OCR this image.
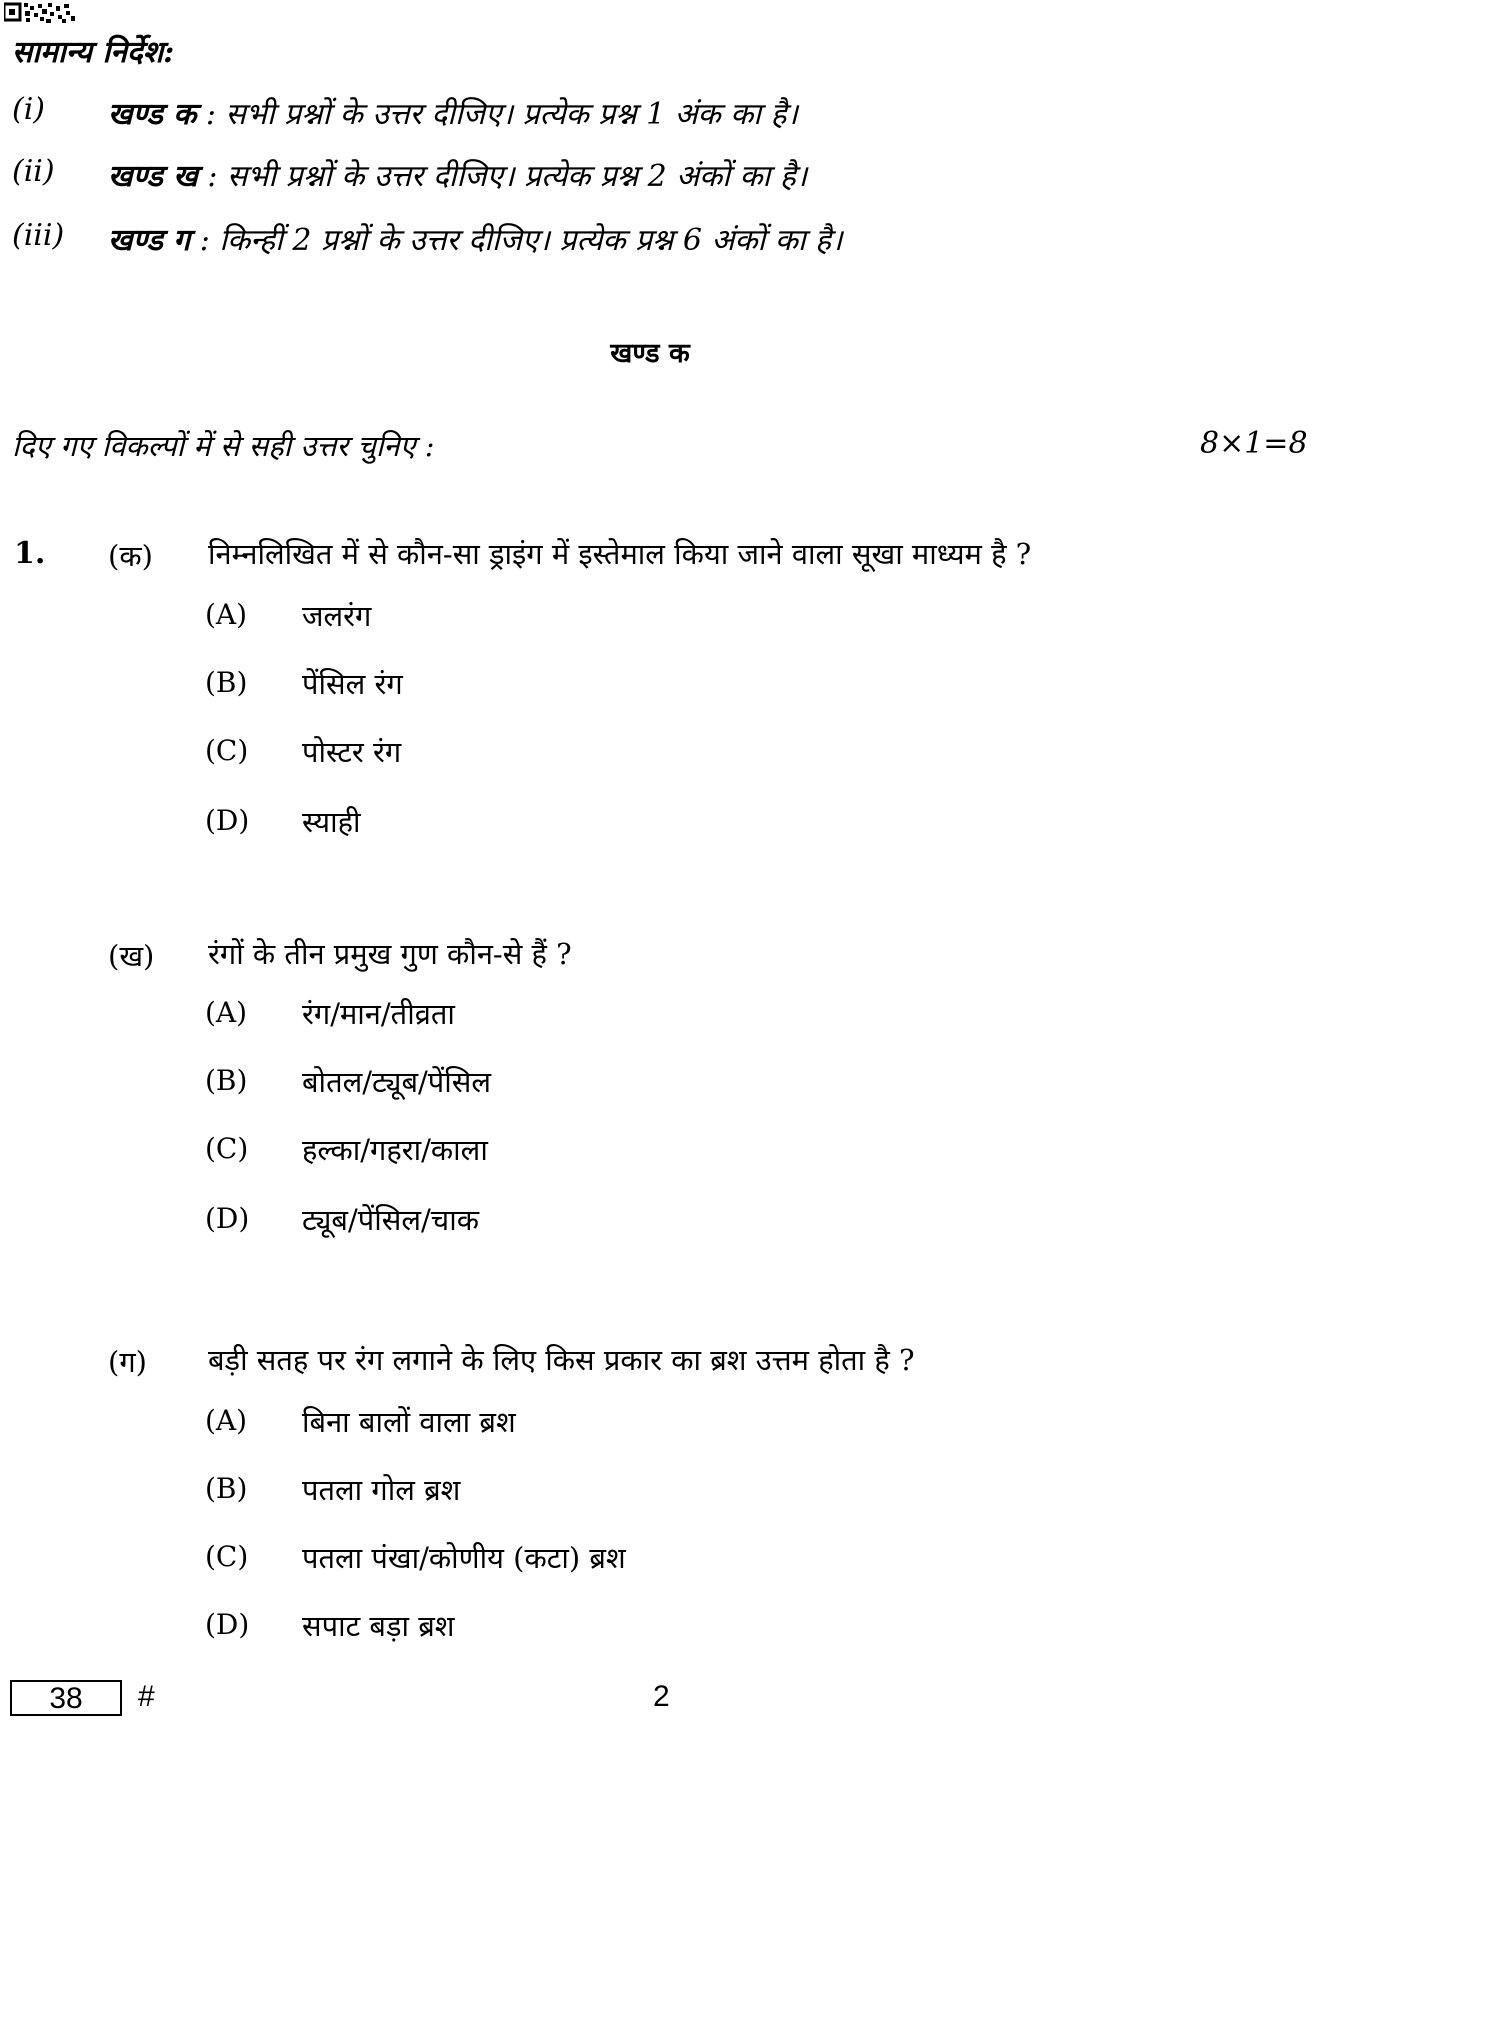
सामान्य निर्देश:
(i) खण्ड क : सभी प्रश्नों के उत्तर दीजिए। प्रत्येक प्रश्न 1 अंक का है।
(ii) खण्ड ख : सभी प्रश्नों के उत्तर दीजिए। प्रत्येक प्रश्न 2 अंकों का है।
(iii) खण्ड ग : किन्हीं 2 प्रश्नों के उत्तर दीजिए। प्रत्येक प्रश्न 6 अंकों का है।
खण्ड क
दिए गए विकल्पों में से सही उत्तर चुनिए :	8×1=8
1. (क) निम्नलिखित में से कौन-सा ड्राइंग में इस्तेमाल किया जाने वाला सूखा माध्यम है ?
(A) जलरंग
(B) पेंसिल रंग
(C) पोस्टर रंग
(D) स्याही
(ख) रंगों के तीन प्रमुख गुण कौन-से हैं ?
(A) रंग/मान/तीव्रता
(B) बोतल/ट्यूब/पेंसिल
(C) हल्का/गहरा/काला
(D) ट्यूब/पेंसिल/चाक
(ग) बड़ी सतह पर रंग लगाने के लिए किस प्रकार का ब्रश उत्तम होता है ?
(A) बिना बालों वाला ब्रश
(B) पतला गोल ब्रश
(C) पतला पंखा/कोणीय (कटा) ब्रश
(D) सपाट बड़ा ब्रश
38	#	2
